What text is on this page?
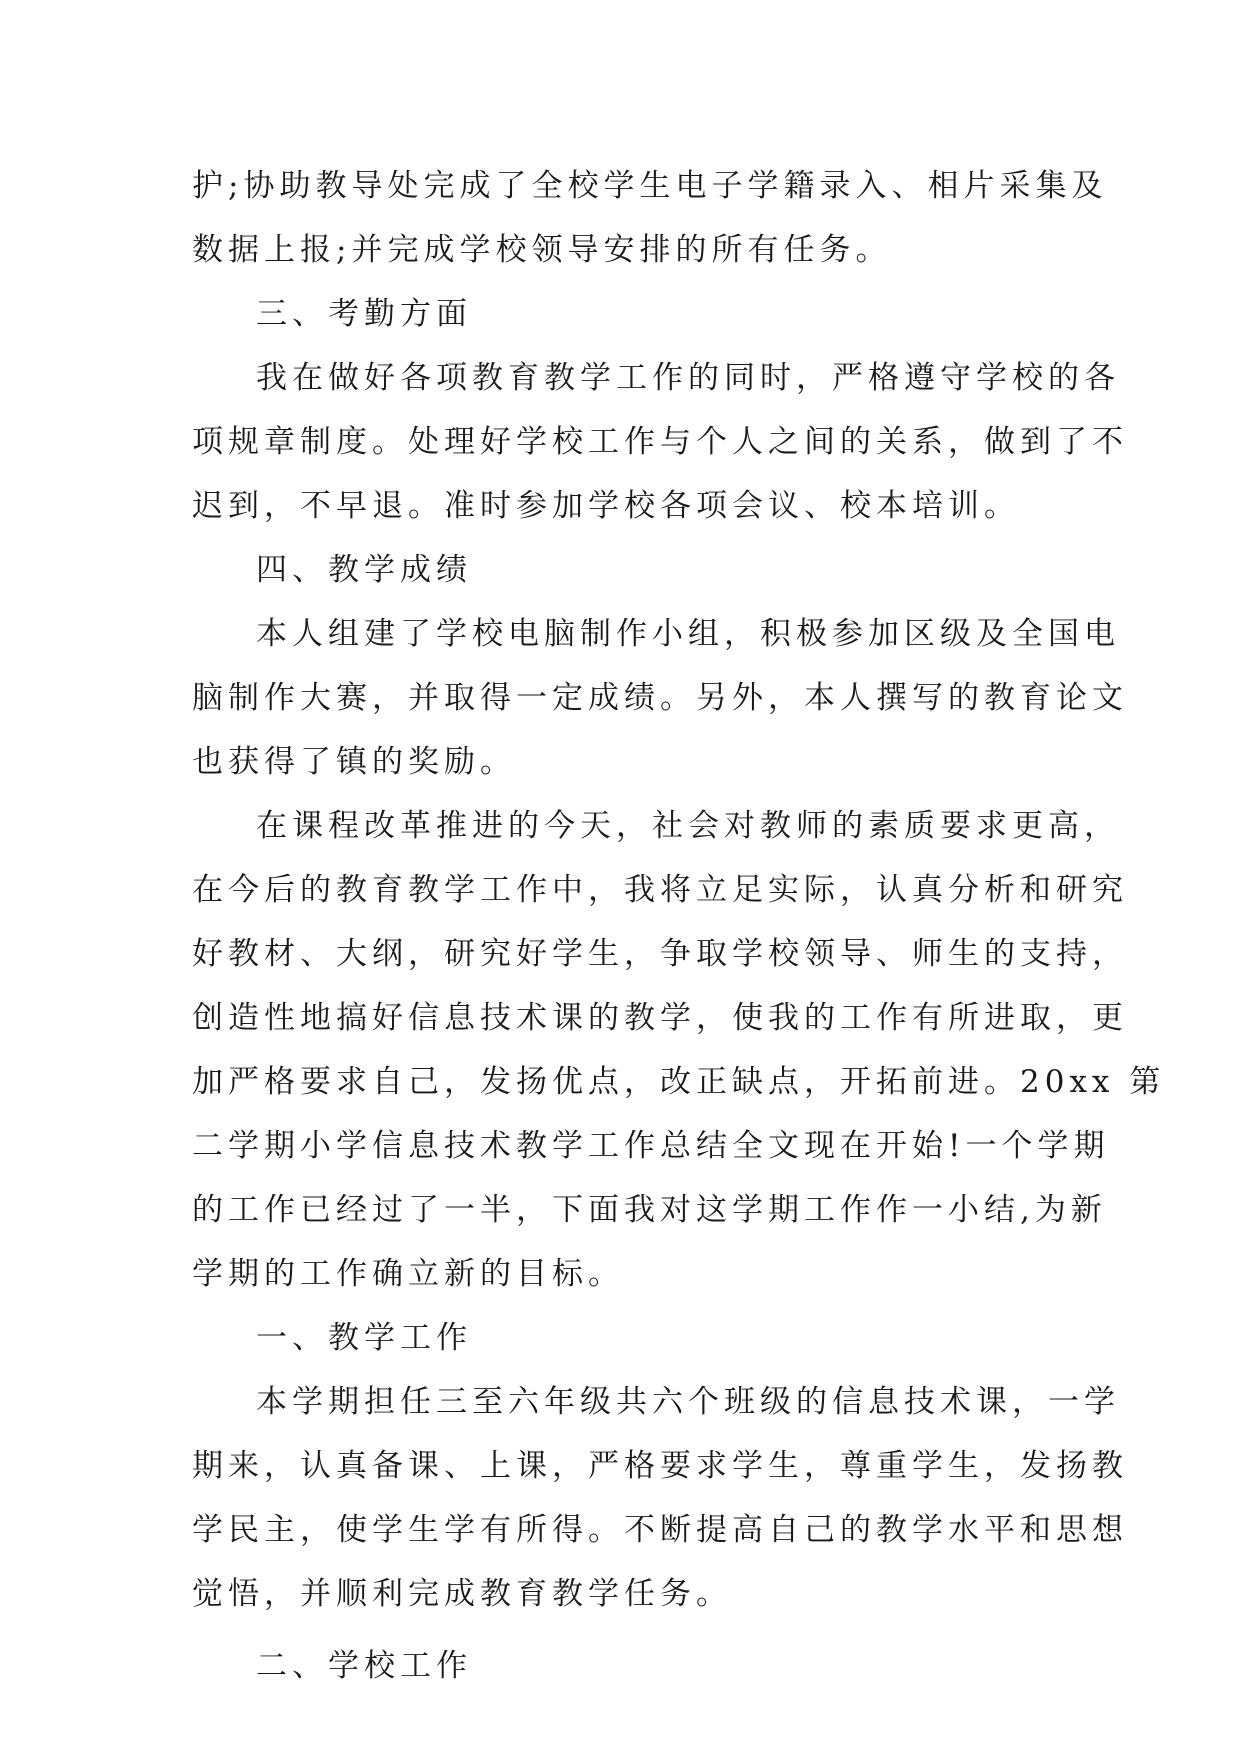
护;协助教导处完成了全校学生电子学籍录入、相片采集及
数据上报;并完成学校领导安排的所有任务。
三、考勤方面
我在做好各项教育教学工作的同时，严格遵守学校的各
项规章制度。处理好学校工作与个人之间的关系，做到了不
迟到，不早退。准时参加学校各项会议、校本培训。
四、教学成绩
本人组建了学校电脑制作小组，积极参加区级及全国电
脑制作大赛，并取得一定成绩。另外，本人撰写的教育论文
也获得了镇的奖励。
在课程改革推进的今天，社会对教师的素质要求更高，
在今后的教育教学工作中，我将立足实际，认真分析和研究
好教材、大纲，研究好学生，争取学校领导、师生的支持，
创造性地搞好信息技术课的教学，使我的工作有所进取，更
加严格要求自己，发扬优点，改正缺点，开拓前进。20xx 第
二学期小学信息技术教学工作总结全文现在开始!一个学期
的工作已经过了一半，下面我对这学期工作作一小结,为新
学期的工作确立新的目标。
一、教学工作
本学期担任三至六年级共六个班级的信息技术课，一学
期来，认真备课、上课，严格要求学生，尊重学生，发扬教
学民主，使学生学有所得。不断提高自己的教学水平和思想
觉悟，并顺利完成教育教学任务。
二、学校工作
